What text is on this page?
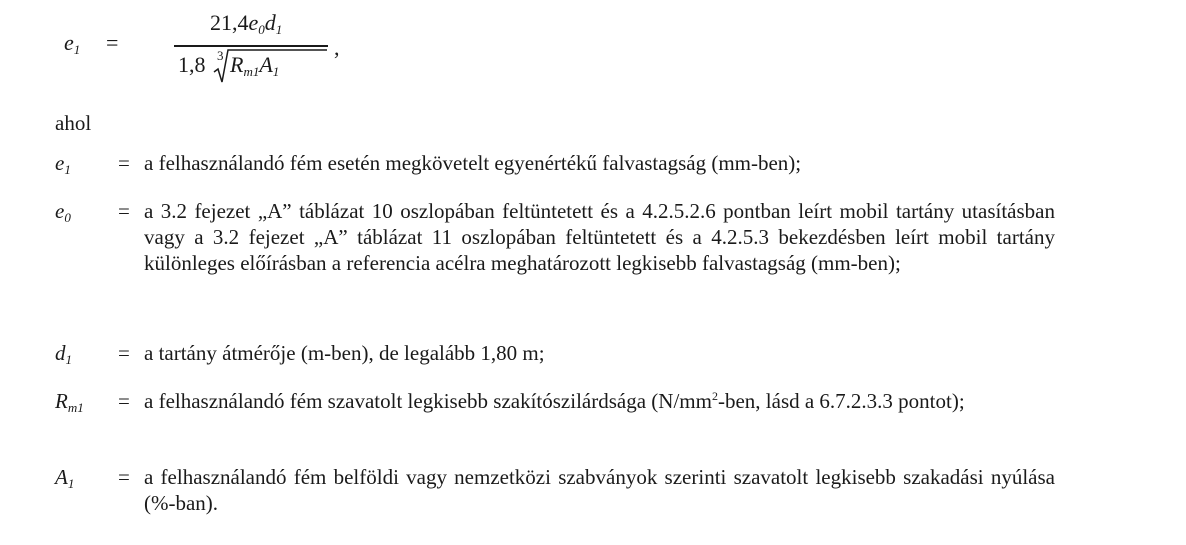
$e_1$ =
$21,4e_0d_1$
1,8 3 $R_{m1}A_1$
,
ahol
$e_1 = a$ felhasználandó fém esetén megkövetelt egyenértékű falvastagság (mm-ben);
$e_0 = a$ 3.2 fejezet „A” táblázat 10 oszlopában feltüntetett és a 4.2.5.2.6 pontban leírt mobil tartány utasításban vagy a 3.2 fejezet „A” táblázat 11 oszlopában feltüntetett és a 4.2.5.3 bekezdésben leírt mobil tartány különleges előírásban a referencia acélra meghatározott legkisebb falvastagság (mm-ben);
$d_1 = a$ tartány átmérője (m-ben), de legalább 1,80 m;
$R_{m1} = a$ felhasználandó fém szavatolt legkisebb szakítószilárdsága ($N/mm^2$-ben, lásd a 6.7.2.3.3 pontot);
$A_1 = a$ felhasználandó fém belföldi vagy nemzetközi szabványok szerinti szavatolt legkisebb szakadási nyúlása (%-ban).
